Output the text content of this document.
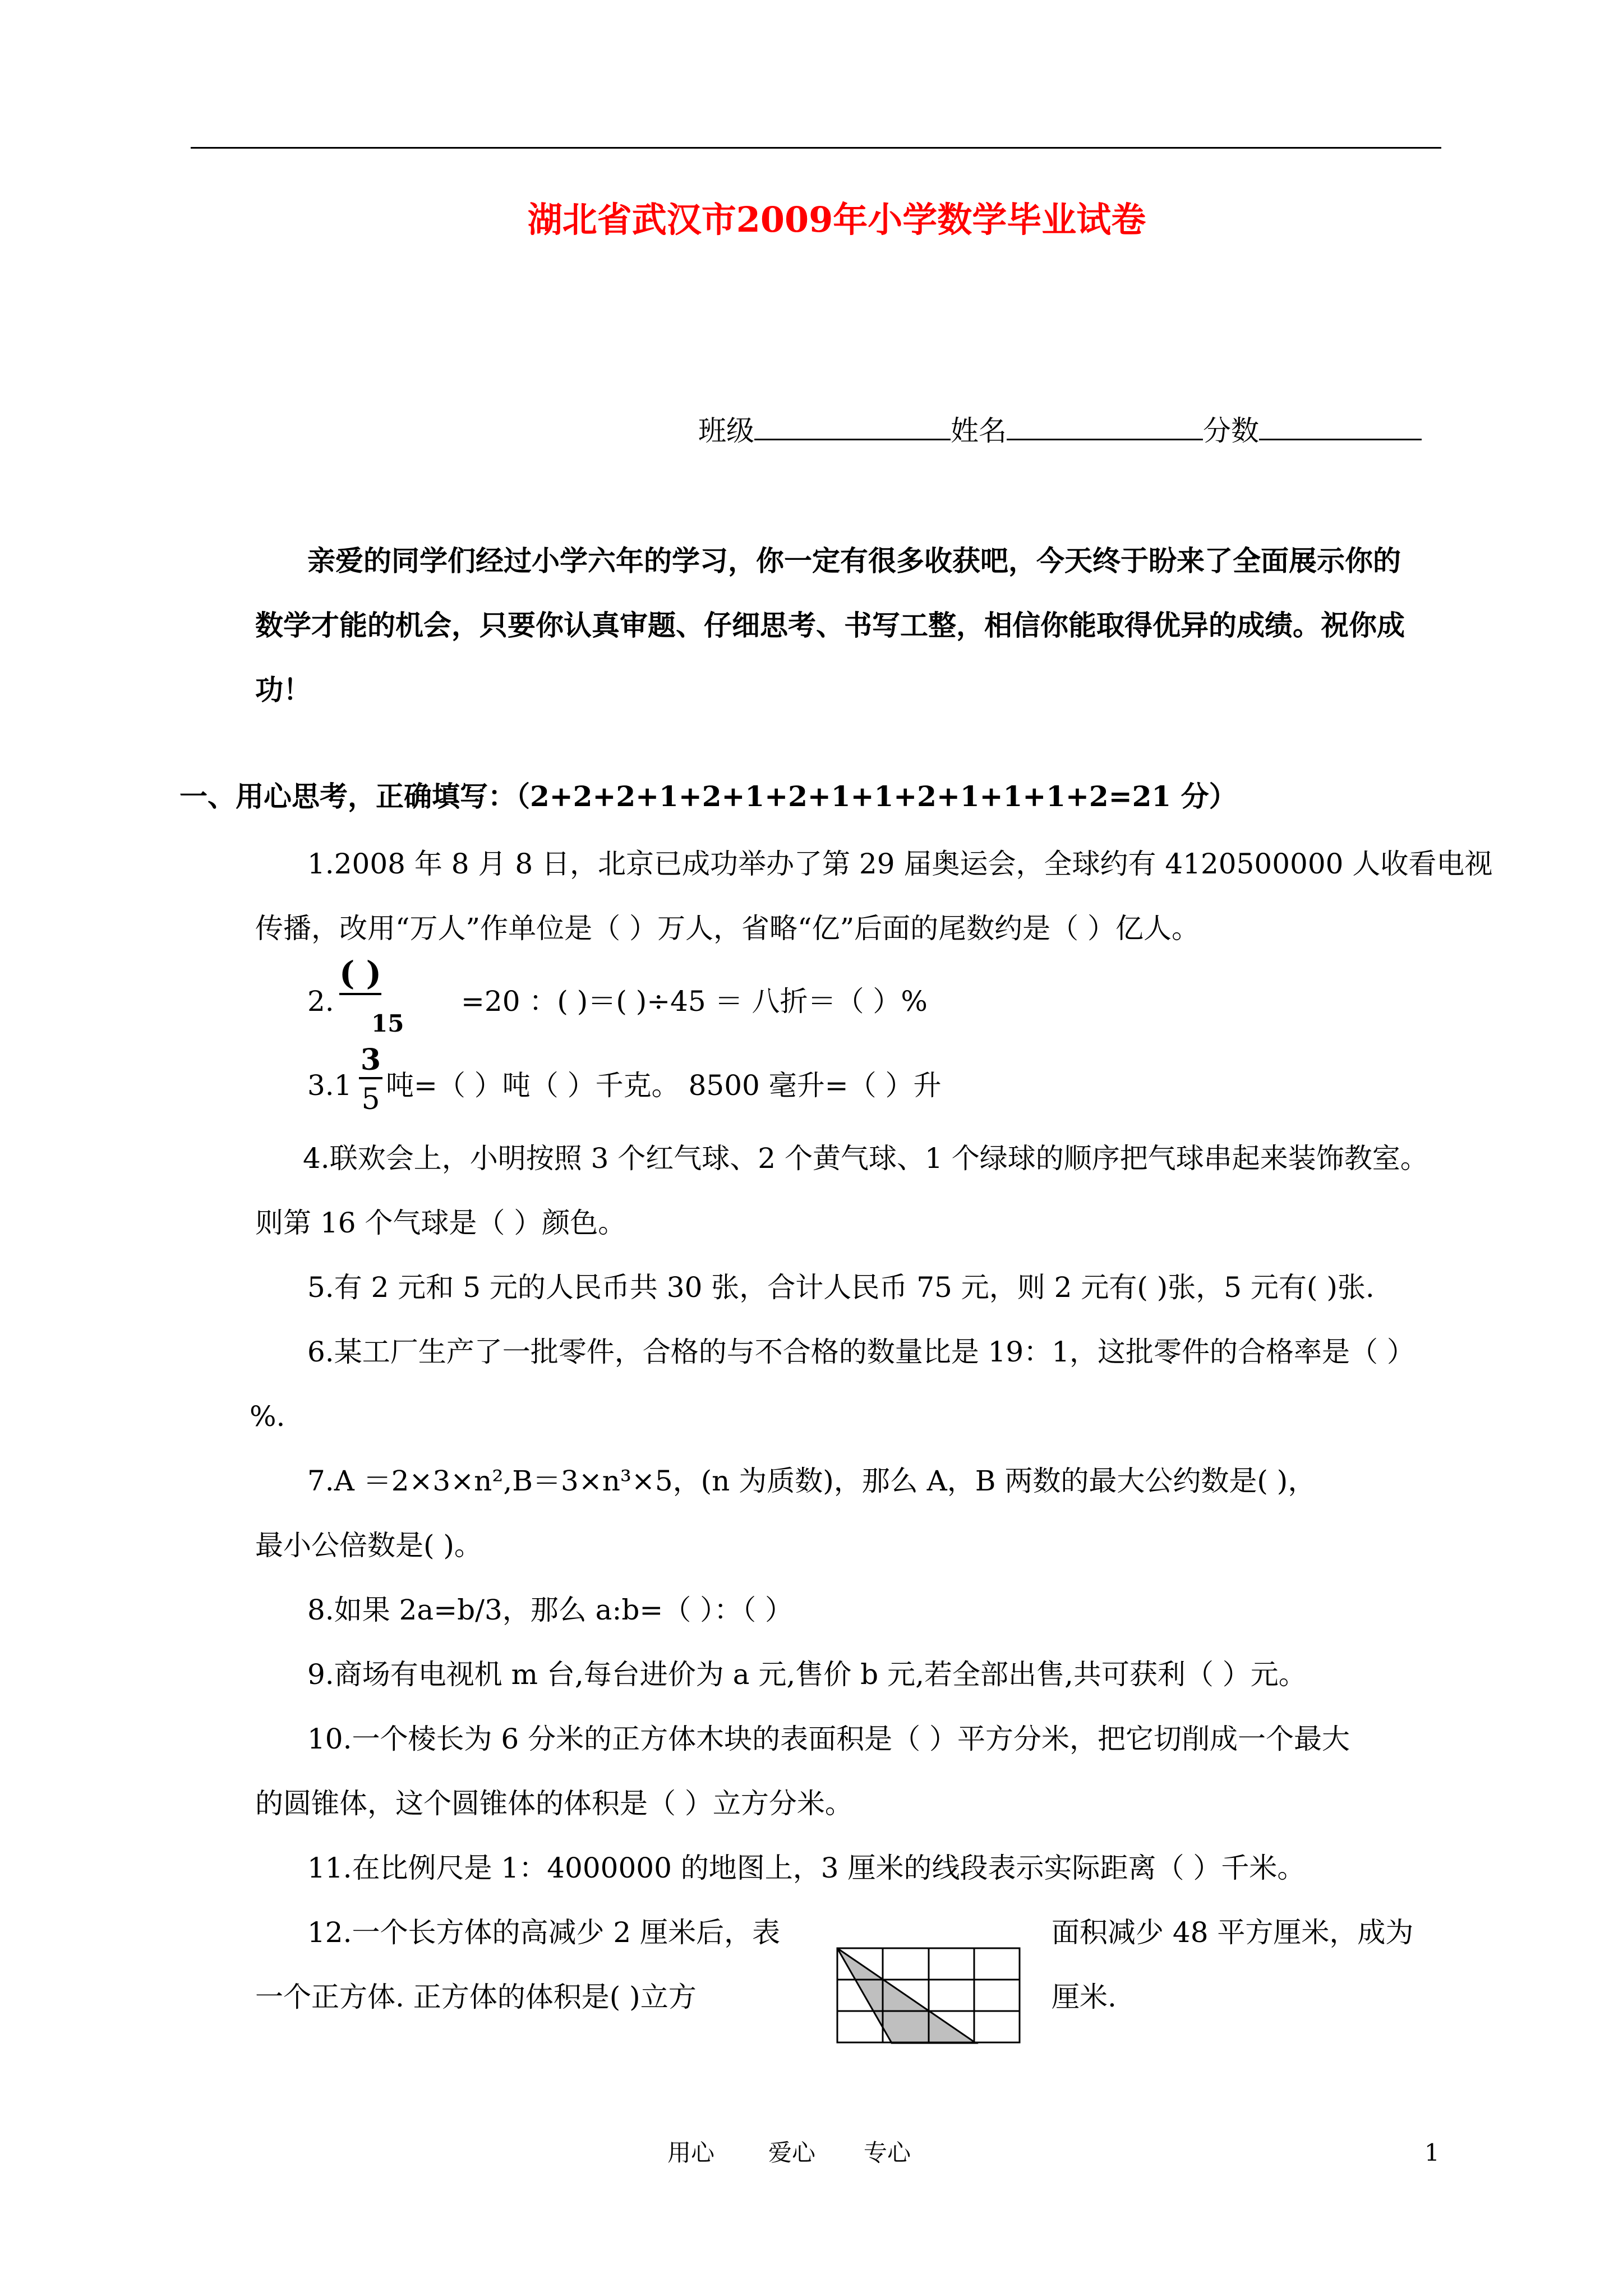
湖北省武汉市2009年小学数学毕业试卷
班级	姓名	分数
亲爱的同学们经过小学六年的学习，你一定有很多收获吧，今天终于盼来了全面展示你的
数学才能的机会，只要你认真审题、仔细思考、书写工整，相信你能取得优异的成绩。祝你成
功！
一、用心思考，正确填写：（2+2+2+1+2+1+2+1+1+2+1+1+1+2=21 分）
1.2008 年 8 月 8 日，北京已成功举办了第 29 届奥运会，全球约有 4120500000 人收看电视
传播，改用“万人”作单位是（ ）万人，省略“亿”后面的尾数约是（ ）亿人。
2.
( )
15
=20 ：( )＝( )÷45 ＝ 八折＝（ ）%
3.1
3
5 吨=（ ）吨（ ）千克。 8500 毫升=（ ）升
4.联欢会上，小明按照 3 个红气球、2 个黄气球、1 个绿球的顺序把气球串起来装饰教室。
则第 16 个气球是（ ）颜色。
5.有 2 元和 5 元的人民币共 30 张，合计人民币 75 元，则 2 元有( )张，5 元有( )张.
6.某工厂生产了一批零件，合格的与不合格的数量比是 19：1，这批零件的合格率是（ ）
%.
7.A ＝2×3×n²,B＝3×n³×5，(n 为质数)，那么 A，B 两数的最大公约数是( )，
最小公倍数是( )。
8.如果 2a=b/3，那么 a:b=（ ）：（ ）
9.商场有电视机 m 台,每台进价为 a 元,售价 b 元,若全部出售,共可获利（ ）元。
10.一个棱长为 6 分米的正方体木块的表面积是（ ）平方分米，把它切削成一个最大
的圆锥体，这个圆锥体的体积是（ ）立方分米。
11.在比例尺是 1：4000000 的地图上，3 厘米的线段表示实际距离（ ）千米。
12.一个长方体的高减少 2 厘米后，表	面积减少 48 平方厘米，成为
一个正方体. 正方体的体积是( )立方	厘米.
用心 爱心 专心	1
